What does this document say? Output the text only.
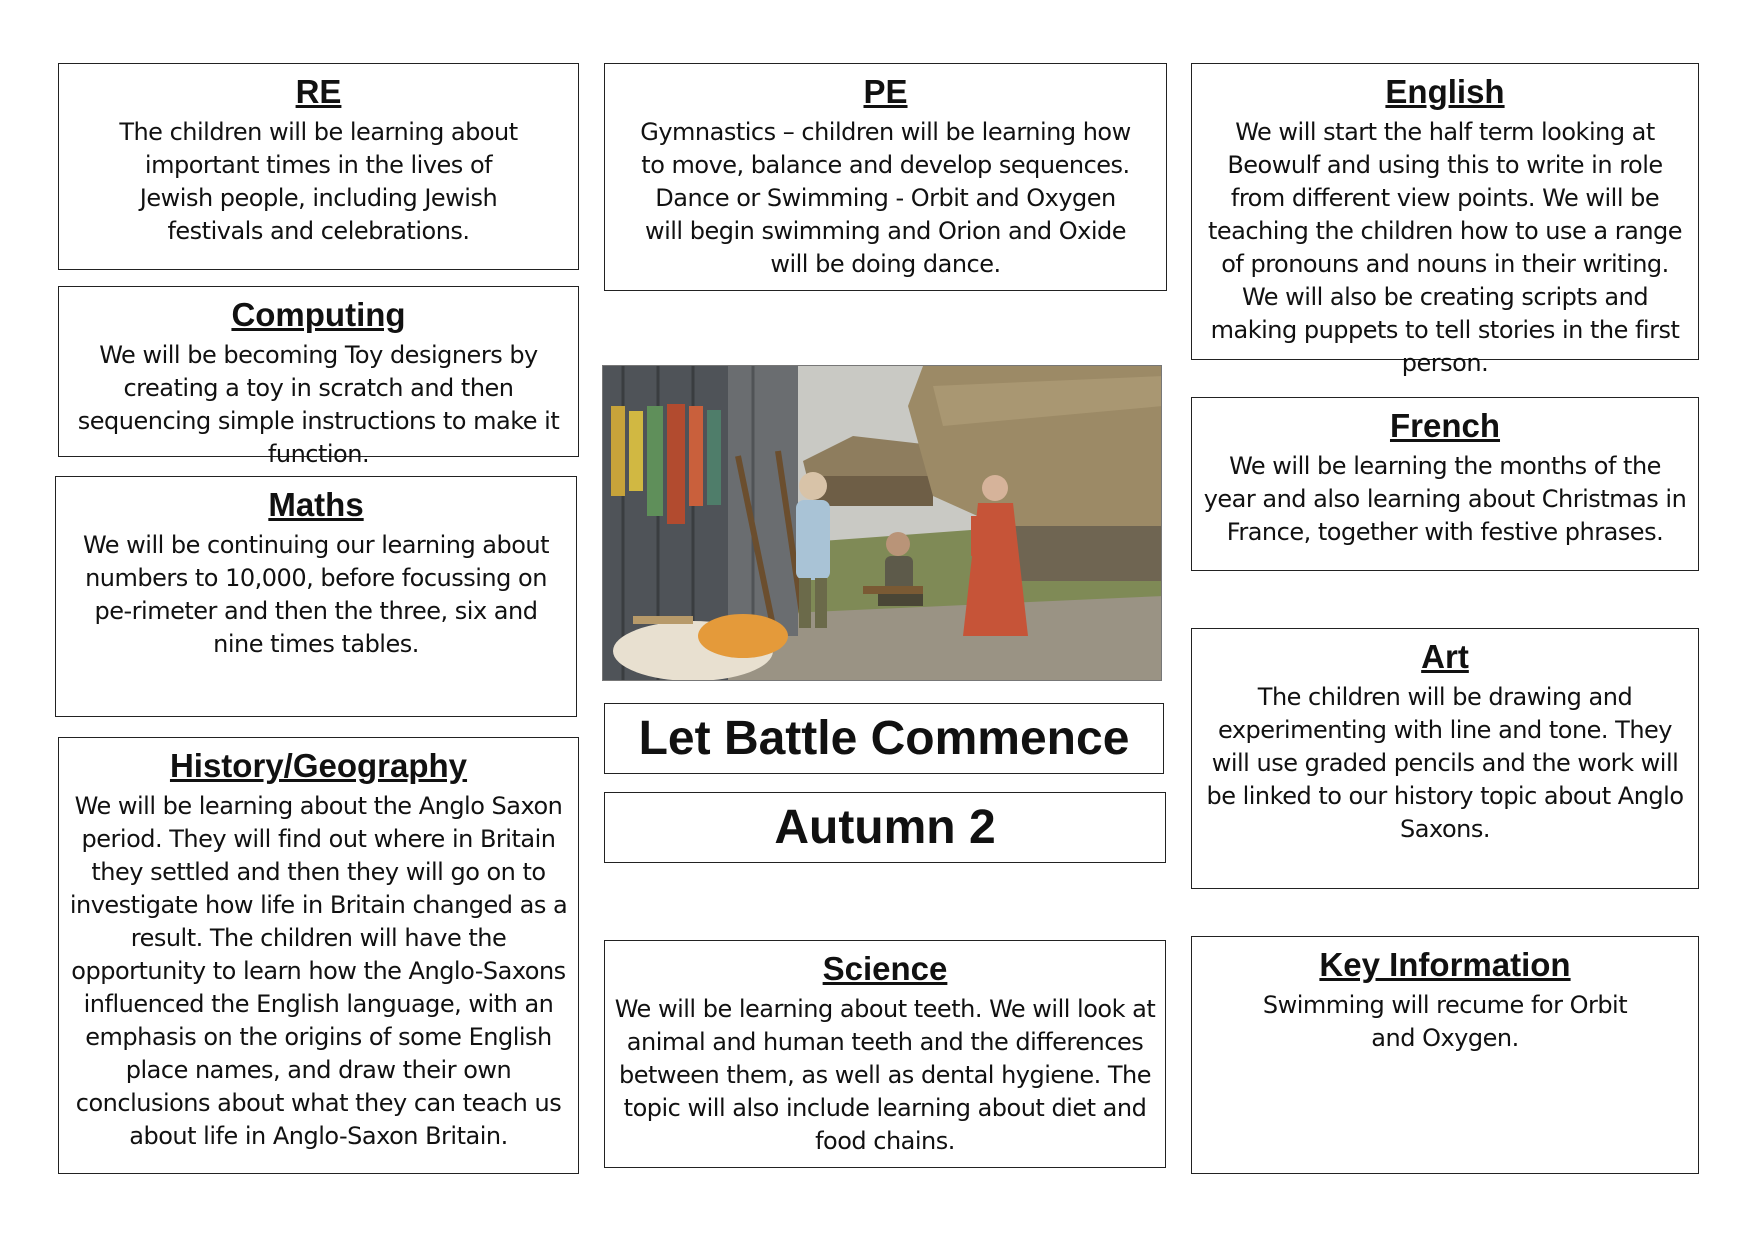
RE

The children will be learning about important times in the lives of Jewish people, including Jewish festivals and celebrations.

Computing

We will be becoming Toy designers by creating a toy in scratch and then sequencing simple instructions to make it function.

Maths

We will be continuing our learning about numbers to 10,000, before focussing on pe-rimeter and then the three, six and nine times tables.

History/Geography

We will be learning about the Anglo Saxon period. They will find out where in Britain they settled and then they will go on to investigate how life in Britain changed as a result. The children will have the opportunity to learn how the Anglo-Saxons influenced the English language, with an emphasis on the origins of some English place names, and draw their own conclusions about what they can teach us about life in Anglo-Saxon Britain.

PE

Gymnastics – children will be learning how to move, balance and develop sequences.

Dance or Swimming - Orbit and Oxygen will begin swimming and Orion and Oxide will be doing dance.

Let Battle Commence
Autumn 2
Science

We will be learning about teeth. We will look at animal and human teeth and the differences between them, as well as dental hygiene. The topic will also include learning about diet and food chains.

English

We will start the half term looking at Beowulf and using this to write in role from different view points. We will be teaching the children how to use a range of pronouns and nouns in their writing. We will also be creating scripts and making puppets to tell stories in the first person.

French

We will be learning the months of the year and also learning about Christmas in France, together with festive phrases.

Art

The children will be drawing and experimenting with line and tone. They will use graded pencils and the work will be linked to our history topic about Anglo Saxons.

Key Information

Swimming will recume for Orbit and Oxygen.
